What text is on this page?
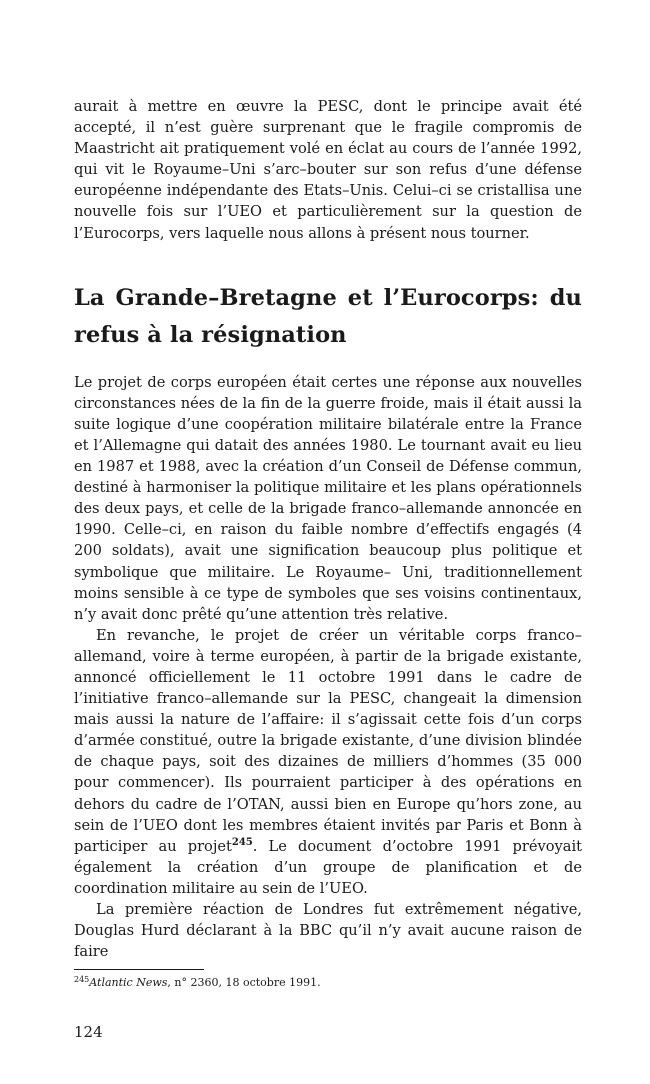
aurait à mettre en œuvre la PESC, dont le principe avait été accepté, il n’est guère surprenant que le fragile compromis de Maastricht ait pratiquement volé en éclat au cours de l’année 1992, qui vit le Royaume–Uni s’arc–bouter sur son refus d’une défense européenne indépendante des Etats–Unis. Celui–ci se cristallisa une nouvelle fois sur l’UEO et particulièrement sur la question de l’Eurocorps, vers laquelle nous allons à présent nous tourner.

La Grande–Bretagne et l’Eurocorps: du refus à la résignation

Le projet de corps européen était certes une réponse aux nouvelles circonstances nées de la fin de la guerre froide, mais il était aussi la suite logique d’une coopération militaire bilatérale entre la France et l’Allemagne qui datait des années 1980. Le tournant avait eu lieu en 1987 et 1988, avec la création d’un Conseil de Défense commun, destiné à harmoniser la politique militaire et les plans opérationnels des deux pays, et celle de la brigade franco–allemande annoncée en 1990. Celle–ci, en raison du faible nombre d’effectifs engagés (4 200 soldats), avait une signification beaucoup plus politique et symbolique que militaire. Le Royaume– Uni, traditionnellement moins sensible à ce type de symboles que ses voisins continentaux, n’y avait donc prêté qu’une attention très relative.

En revanche, le projet de créer un véritable corps franco–allemand, voire à terme européen, à partir de la brigade existante, annoncé officiellement le 11 octobre 1991 dans le cadre de l’initiative franco–allemande sur la PESC, changeait la dimension mais aussi la nature de l’affaire: il s’agissait cette fois d’un corps d’armée constitué, outre la brigade existante, d’une division blindée de chaque pays, soit des dizaines de milliers d’hommes (35 000 pour commencer). Ils pourraient participer à des opérations en dehors du cadre de l’OTAN, aussi bien en Europe qu’hors zone, au sein de l’UEO dont les membres étaient invités par Paris et Bonn à participer au projet$^{245}$. Le document d’octobre 1991 prévoyait également la création d’un groupe de planification et de coordination militaire au sein de l’UEO.

La première réaction de Londres fut extrêmement négative, Douglas Hurd déclarant à la BBC qu’il n’y avait aucune raison de faire

$^{245}$Atlantic News, n° 2360, 18 octobre 1991.
124
